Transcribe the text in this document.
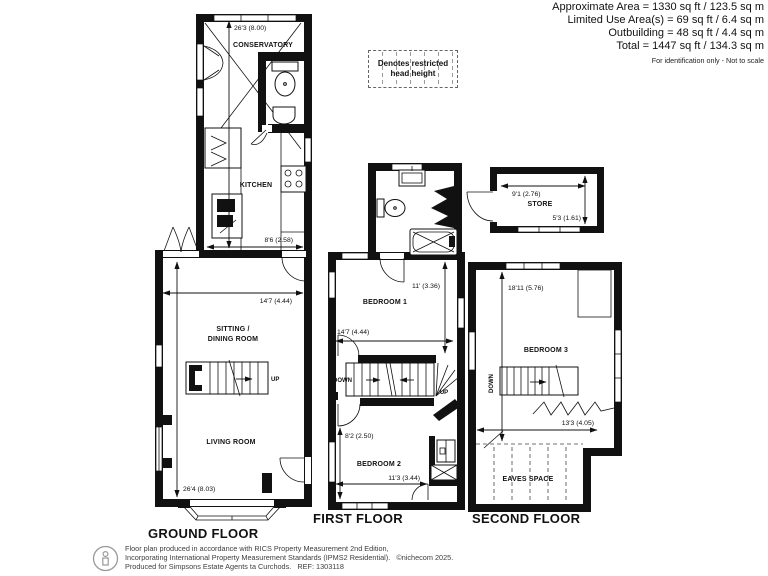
CONSERVATORY
26'3 (8.00)
KITCHEN
8'6 (2.58)
14'7 (4.44)
SITTING /
DINING ROOM
UP
LIVING ROOM
26'4 (8.03)
BEDROOM 1
11' (3.36)
14'7 (4.44)
DOWN
UP
8'2 (2.50)
BEDROOM 2
11'3 (3.44)
9'1 (2.76)
STORE
5'3 (1.61)
18'11 (5.76)
BEDROOM 3
DOWN
13'3 (4.05)
EAVES SPACE
Approximate Area = 1330 sq ft / 123.5 sq m
Limited Use Area(s) = 69 sq ft / 6.4 sq m
Outbuilding = 48 sq ft / 4.4 sq m
Total = 1447 sq ft / 134.3 sq m
For identification only - Not to scale
Denotes restricted
head height
GROUND FLOOR
FIRST FLOOR	SECOND FLOOR
Floor plan produced in accordance with RICS Property Measurement 2nd Edition,
Incorporating International Property Measurement Standards (IPMS2 Residential).   ©nichecom 2025.
Produced for Simpsons Estate Agents ta Curchods.   REF: 1303118
